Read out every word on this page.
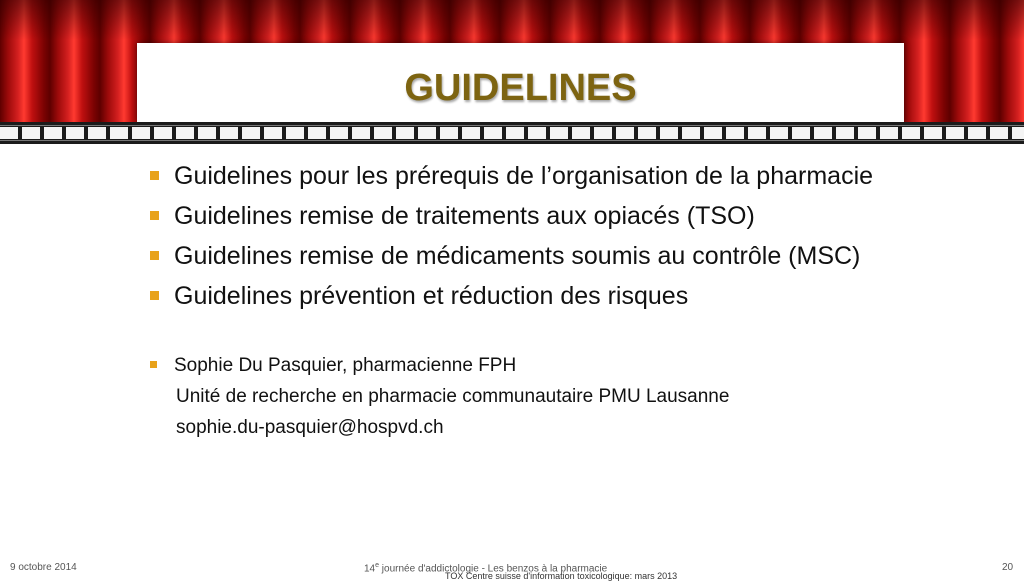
GUIDELINES
Guidelines pour les prérequis de l’organisation de la pharmacie
Guidelines remise de traitements aux opiacés (TSO)
Guidelines remise de médicaments soumis au contrôle (MSC)
Guidelines prévention et réduction des risques
Sophie Du Pasquier, pharmacienne FPH
Unité de recherche en pharmacie communautaire PMU Lausanne
sophie.du-pasquier@hospvd.ch
9 octobre 2014	14e journée d'addictologie - Les benzos à la pharmacie	20
TOX Centre suisse d'information toxicologique: mars 2013
